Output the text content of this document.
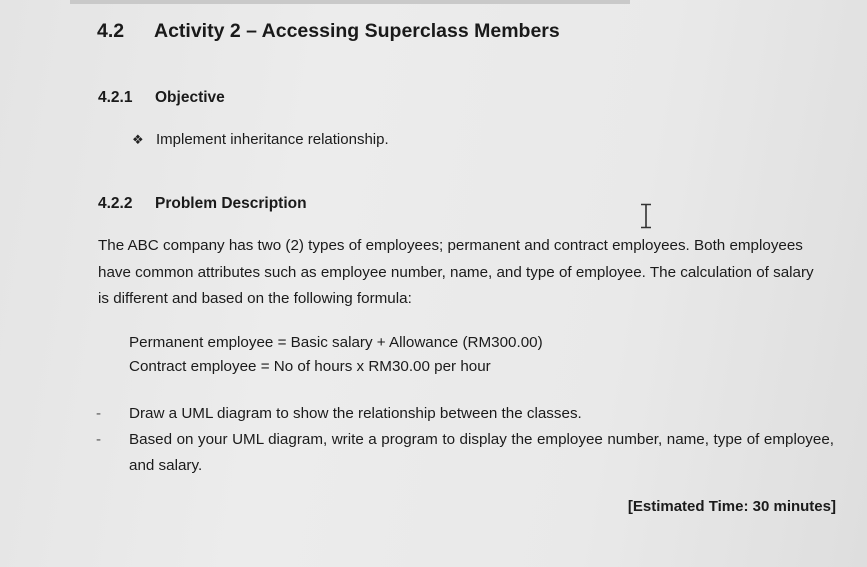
4.2 Activity 2 – Accessing Superclass Members
4.2.1 Objective
❖ Implement inheritance relationship.
4.2.2 Problem Description
The ABC company has two (2) types of employees; permanent and contract employees. Both employees
have common attributes such as employee number, name, and type of employee. The calculation of salary
is different and based on the following formula:
Permanent employee = Basic salary + Allowance (RM300.00)
Contract employee = No of hours x RM30.00 per hour
-	Draw a UML diagram to show the relationship between the classes.
-	Based on your UML diagram, write a program to display the employee number, name, type of employee, and salary.
[Estimated Time: 30 minutes]
